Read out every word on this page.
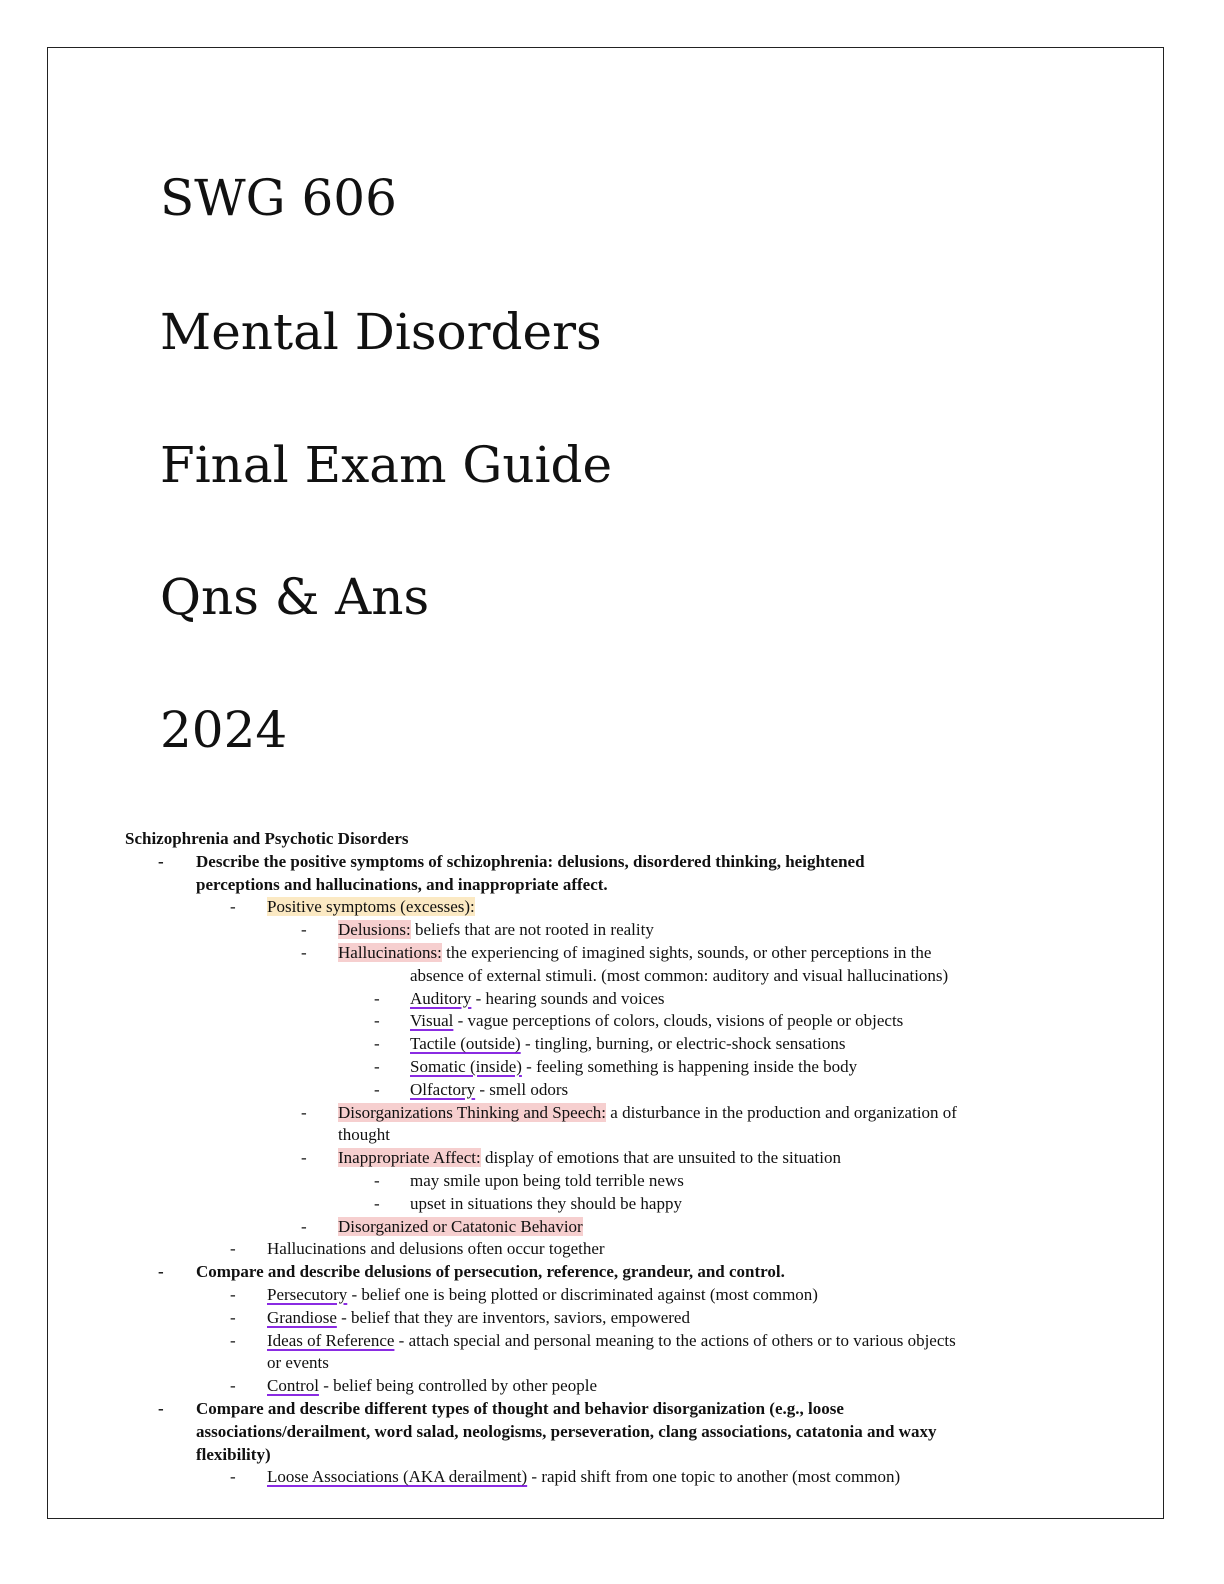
SWG 606
Mental Disorders
Final Exam Guide
Qns & Ans
2024
Schizophrenia and Psychotic Disorders
- Describe the positive symptoms of schizophrenia: delusions, disordered thinking, heightened
perceptions and hallucinations, and inappropriate affect.
- Positive symptoms (excesses):
- Delusions: beliefs that are not rooted in reality
- Hallucinations: the experiencing of imagined sights, sounds, or other perceptions in the
absence of external stimuli. (most common: auditory and visual hallucinations)
- Auditory - hearing sounds and voices
- Visual - vague perceptions of colors, clouds, visions of people or objects
- Tactile (outside) - tingling, burning, or electric-shock sensations
- Somatic (inside) - feeling something is happening inside the body
- Olfactory - smell odors
- Disorganizations Thinking and Speech: a disturbance in the production and organization of
thought
- Inappropriate Affect: display of emotions that are unsuited to the situation
- may smile upon being told terrible news
- upset in situations they should be happy
- Disorganized or Catatonic Behavior
- Hallucinations and delusions often occur together
- Compare and describe delusions of persecution, reference, grandeur, and control.
- Persecutory - belief one is being plotted or discriminated against (most common)
- Grandiose - belief that they are inventors, saviors, empowered
- Ideas of Reference - attach special and personal meaning to the actions of others or to various objects
or events
- Control - belief being controlled by other people
- Compare and describe different types of thought and behavior disorganization (e.g., loose
associations/derailment, word salad, neologisms, perseveration, clang associations, catatonia and waxy
flexibility)
- Loose Associations (AKA derailment) - rapid shift from one topic to another (most common)
